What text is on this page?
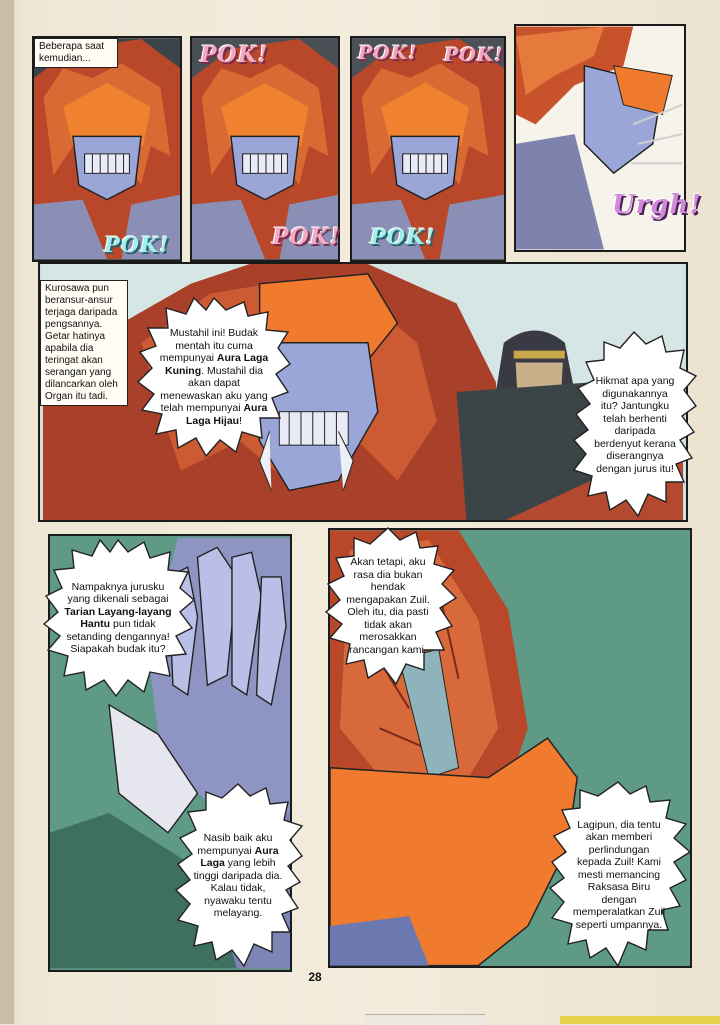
Beberapa saat kemudian...
POK!
POK!
POK!
POK! POK!
POK!
Urgh!
Kurosawa pun beransur-ansur terjaga daripada pengsannya. Getar hatinya apabila dia teringat akan serangan yang dilancarkan oleh Organ itu tadi.
Mustahil ini! Budak mentah itu cuma mempunyai Aura Laga Kuning. Mustahil dia akan dapat menewaskan aku yang telah mempunyai Aura Laga Hijau!
Hikmat apa yang digunakannya itu? Jantungku telah berhenti daripada berdenyut kerana diserangnya dengan jurus itu!
Nampaknya jurusku yang dikenali sebagai Tarian Layang-layang Hantu pun tidak setanding dengannya! Siapakah budak itu?
Nasib baik aku mempunyai Aura Laga yang lebih tinggi daripada dia. Kalau tidak, nyawaku tentu melayang.
Akan tetapi, aku rasa dia bukan hendak mengapakan Zuil. Oleh itu, dia pasti tidak akan merosakkan rancangan kami.
Lagipun, dia tentu akan memberi perlindungan kepada Zuil! Kami mesti memancing Raksasa Biru dengan memperalatkan Zuil seperti umpannya.
28
